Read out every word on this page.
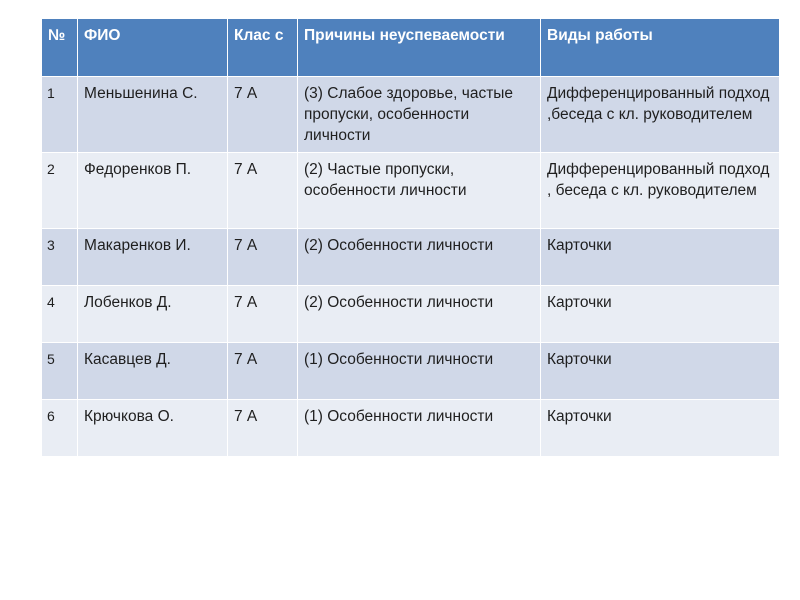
№	ФИО	Клас с	Причины неуспеваемости	Виды работы
1	Меньшенина С.	7 А	(3) Слабое здоровье, частые пропуски, особенности личности	Дифференцированный подход ,беседа с кл. руководителем
2	Федоренков П.	7 А	(2) Частые пропуски, особенности личности	Дифференцированный подход , беседа с кл. руководителем
3	Макаренков И.	7 А	(2) Особенности личности	Карточки
4	Лобенков Д.	7 А	(2) Особенности личности	Карточки
5	Касавцев Д.	7 А	(1) Особенности личности	Карточки
6	Крючкова О.	7 А	(1) Особенности личности	Карточки
